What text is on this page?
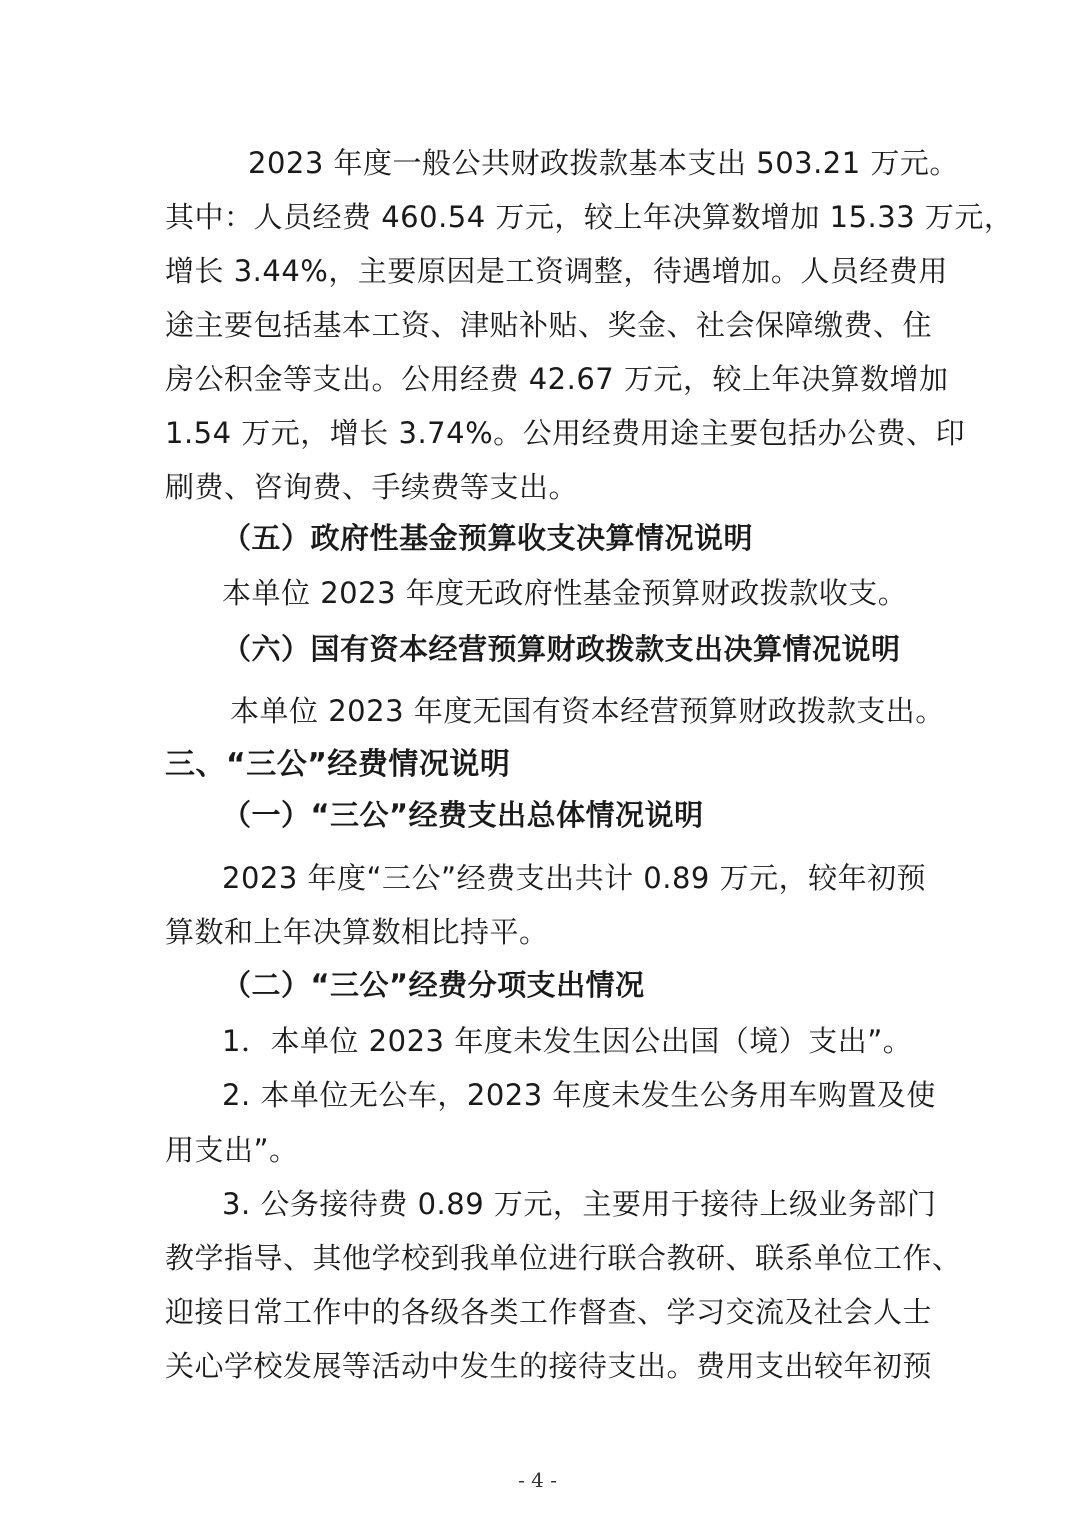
2023 年度一般公共财政拨款基本支出 503.21 万元。
其中：人员经费 460.54 万元，较上年决算数增加 15.33 万元，
增长 3.44%，主要原因是工资调整，待遇增加。人员经费用
途主要包括基本工资、津贴补贴、奖金、社会保障缴费、住
房公积金等支出。公用经费 42.67 万元，较上年决算数增加
1.54 万元，增长 3.74%。公用经费用途主要包括办公费、印
刷费、咨询费、手续费等支出。
（五）政府性基金预算收支决算情况说明
本单位 2023 年度无政府性基金预算财政拨款收支。
（六）国有资本经营预算财政拨款支出决算情况说明
本单位 2023 年度无国有资本经营预算财政拨款支出。
三、“三公”经费情况说明
（一）“三公”经费支出总体情况说明
2023 年度“三公”经费支出共计 0.89 万元，较年初预
算数和上年决算数相比持平。
（二）“三公”经费分项支出情况
1．本单位 2023 年度未发生因公出国（境）支出”。
2. 本单位无公车，2023 年度未发生公务用车购置及使
用支出”。
3. 公务接待费 0.89 万元，主要用于接待上级业务部门
教学指导、其他学校到我单位进行联合教研、联系单位工作、
迎接日常工作中的各级各类工作督查、学习交流及社会人士
关心学校发展等活动中发生的接待支出。费用支出较年初预
- 4 -
